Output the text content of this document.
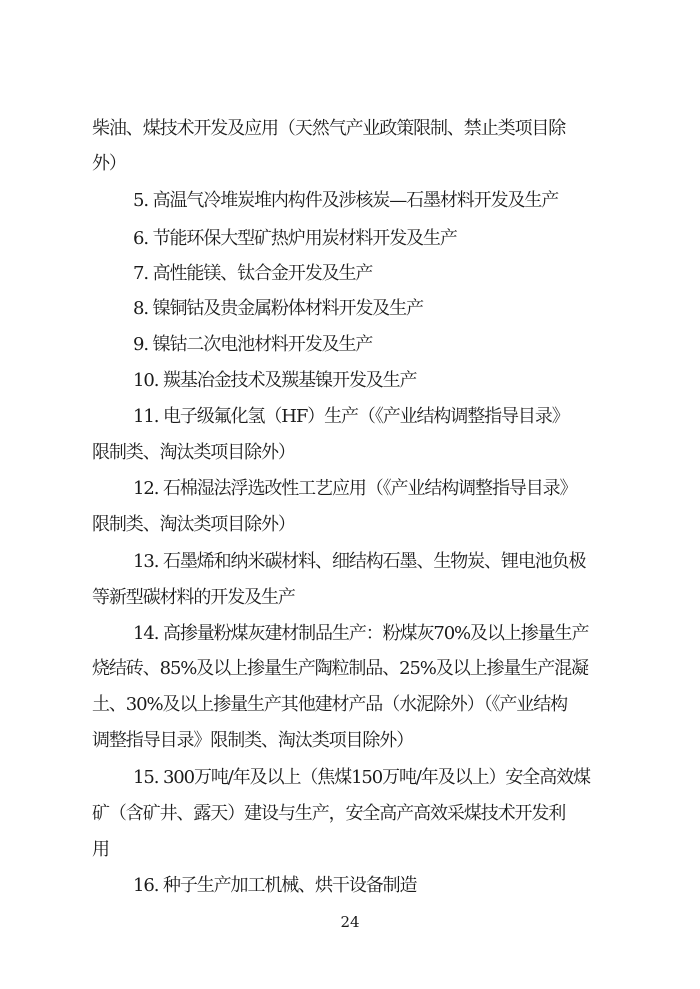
柴油、煤技术开发及应用（天然气产业政策限制、禁止类项目除

外）

5. 高温气冷堆炭堆内构件及涉核炭—石墨材料开发及生产

6. 节能环保大型矿热炉用炭材料开发及生产

7. 高性能镁、钛合金开发及生产

8. 镍铜钴及贵金属粉体材料开发及生产

9. 镍钴二次电池材料开发及生产

10. 羰基冶金技术及羰基镍开发及生产

11. 电子级氟化氢（HF）生产（《产业结构调整指导目录》

限制类、淘汰类项目除外）

12. 石棉湿法浮选改性工艺应用（《产业结构调整指导目录》

限制类、淘汰类项目除外）

13. 石墨烯和纳米碳材料、细结构石墨、生物炭、锂电池负极

等新型碳材料的开发及生产

14. 高掺量粉煤灰建材制品生产：粉煤灰70%及以上掺量生产

烧结砖、85%及以上掺量生产陶粒制品、25%及以上掺量生产混凝

土、30%及以上掺量生产其他建材产品（水泥除外）（《产业结构

调整指导目录》限制类、淘汰类项目除外）

15. 300万吨/年及以上（焦煤150万吨/年及以上）安全高效煤

矿（含矿井、露天）建设与生产，安全高产高效采煤技术开发利

用

16. 种子生产加工机械、烘干设备制造

24
